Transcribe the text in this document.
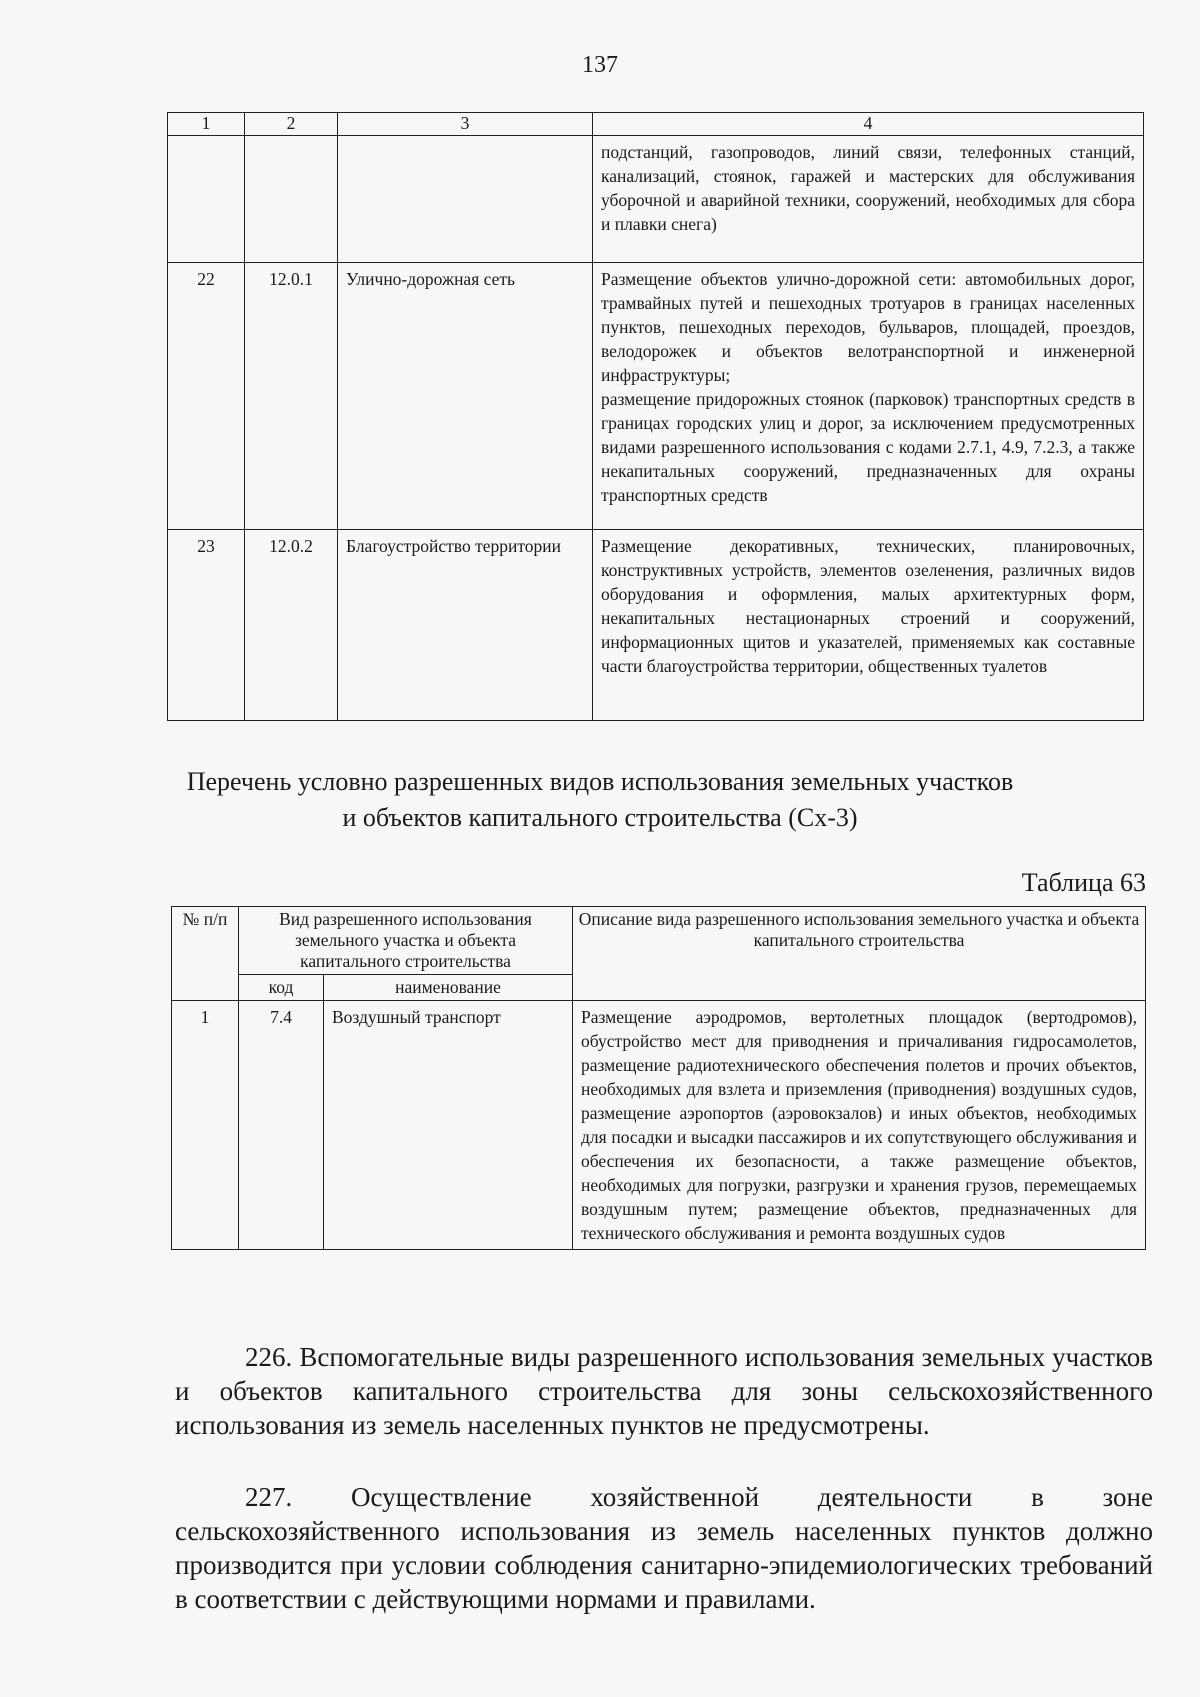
137
1	2	3	4
			подстанций, газопроводов, линий связи, телефонных станций, канализаций, стоянок, гаражей и мастерских для обслуживания уборочной и аварийной техники, сооружений, необходимых для сбора и плавки снега)
22	12.0.1	Улично-дорожная сеть	Размещение объектов улично-дорожной сети: автомобильных дорог, трамвайных путей и пешеходных тротуаров в границах населенных пунктов, пешеходных переходов, бульваров, площадей, проездов, велодорожек и объектов велотранспортной и инженерной инфраструктуры;
размещение придорожных стоянок (парковок) транспортных средств в границах городских улиц и дорог, за исключением предусмотренных видами разрешенного использования с кодами 2.7.1, 4.9, 7.2.3, а также некапитальных сооружений, предназначенных для охраны транспортных средств

23	12.0.2	Благоустройство территории	Размещение декоративных, технических, планировочных, конструктивных устройств, элементов озеленения, различных видов оборудования и оформления, малых архитектурных форм, некапитальных нестационарных строений и сооружений, информационных щитов и указателей, применяемых как составные части благоустройства территории, общественных туалетов
Перечень условно разрешенных видов использования земельных участков
и объектов капитального строительства (Сх-3)
Таблица 63
№ п/п	Вид разрешенного использования земельного участка и объекта капитального строительства		Описание вида разрешенного использования земельного участка и объекта капитального строительства
	код	наименование	
1	7.4	Воздушный транспорт	Размещение аэродромов, вертолетных площадок (вертодромов), обустройство мест для приводнения и причаливания гидросамолетов, размещение радиотехнического обеспечения полетов и прочих объектов, необходимых для взлета и приземления (приводнения) воздушных судов, размещение аэропортов (аэровокзалов) и иных объектов, необходимых для посадки и высадки пассажиров и их сопутствующего обслуживания и обеспечения их безопасности, а также размещение объектов, необходимых для погрузки, разгрузки и хранения грузов, перемещаемых воздушным путем; размещение объектов, предназначенных для технического обслуживания и ремонта воздушных судов

226. Вспомогательные виды разрешенного использования земельных участков и объектов капитального строительства для зоны сельскохозяйственного использования из земель населенных пунктов не предусмотрены.

227. Осуществление хозяйственной деятельности в зоне сельскохозяйственного использования из земель населенных пунктов должно производится при условии соблюдения санитарно-эпидемиологических требований в соответствии с действующими нормами и правилами.
